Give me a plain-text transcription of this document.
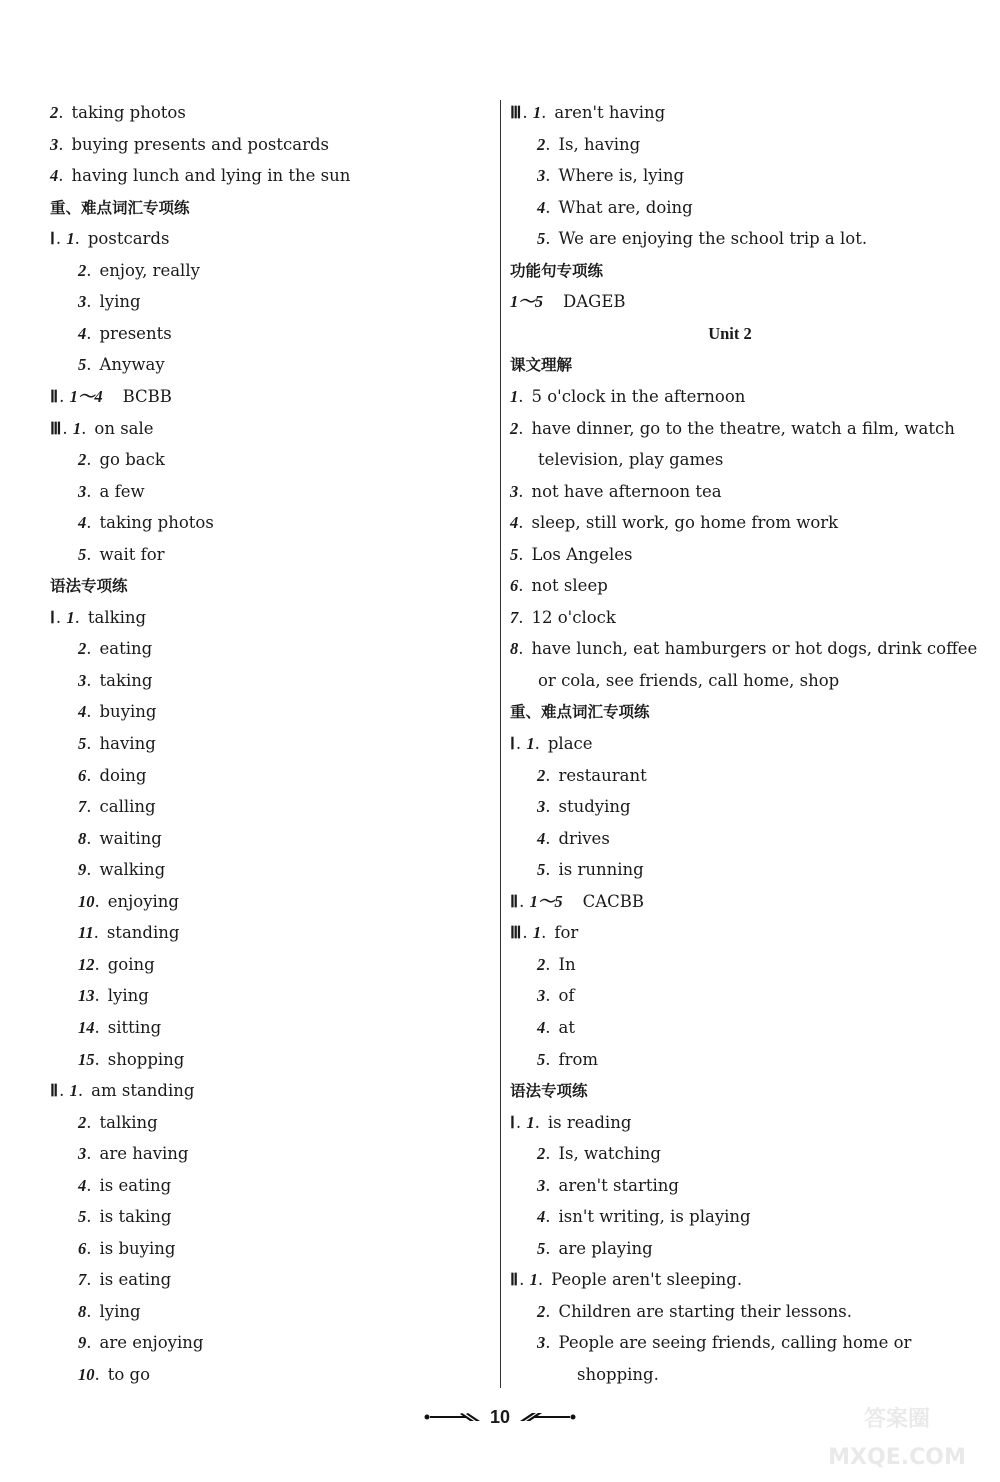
2. taking photos
3. buying presents and postcards
4. having lunch and lying in the sun
重、难点词汇专项练
Ⅰ. 1. postcards
2. enjoy, really
3. lying
4. presents
5. Anyway
Ⅱ. 1～4 BCBB
Ⅲ. 1. on sale
2. go back
3. a few
4. taking photos
5. wait for
语法专项练
Ⅰ. 1. talking
2. eating
3. taking
4. buying
5. having
6. doing
7. calling
8. waiting
9. walking
10. enjoying
11. standing
12. going
13. lying
14. sitting
15. shopping
Ⅱ. 1. am standing
2. talking
3. are having
4. is eating
5. is taking
6. is buying
7. is eating
8. lying
9. are enjoying
10. to go
Ⅲ. 1. aren't having
2. Is, having
3. Where is, lying
4. What are, doing
5. We are enjoying the school trip a lot.
功能句专项练
1～5 DAGEB
Unit 2
课文理解
1. 5 o'clock in the afternoon
2. have dinner, go to the theatre, watch a film, watch
television, play games
3. not have afternoon tea
4. sleep, still work, go home from work
5. Los Angeles
6. not sleep
7. 12 o'clock
8. have lunch, eat hamburgers or hot dogs, drink coffee
or cola, see friends, call home, shop
重、难点词汇专项练
Ⅰ. 1. place
2. restaurant
3. studying
4. drives
5. is running
Ⅱ. 1～5 CACBB
Ⅲ. 1. for
2. In
3. of
4. at
5. from
语法专项练
Ⅰ. 1. is reading
2. Is, watching
3. aren't starting
4. isn't writing, is playing
5. are playing
Ⅱ. 1. People aren't sleeping.
2. Children are starting their lessons.
3. People are seeing friends, calling home or
shopping.
10	答案圈
MXQE.COM
